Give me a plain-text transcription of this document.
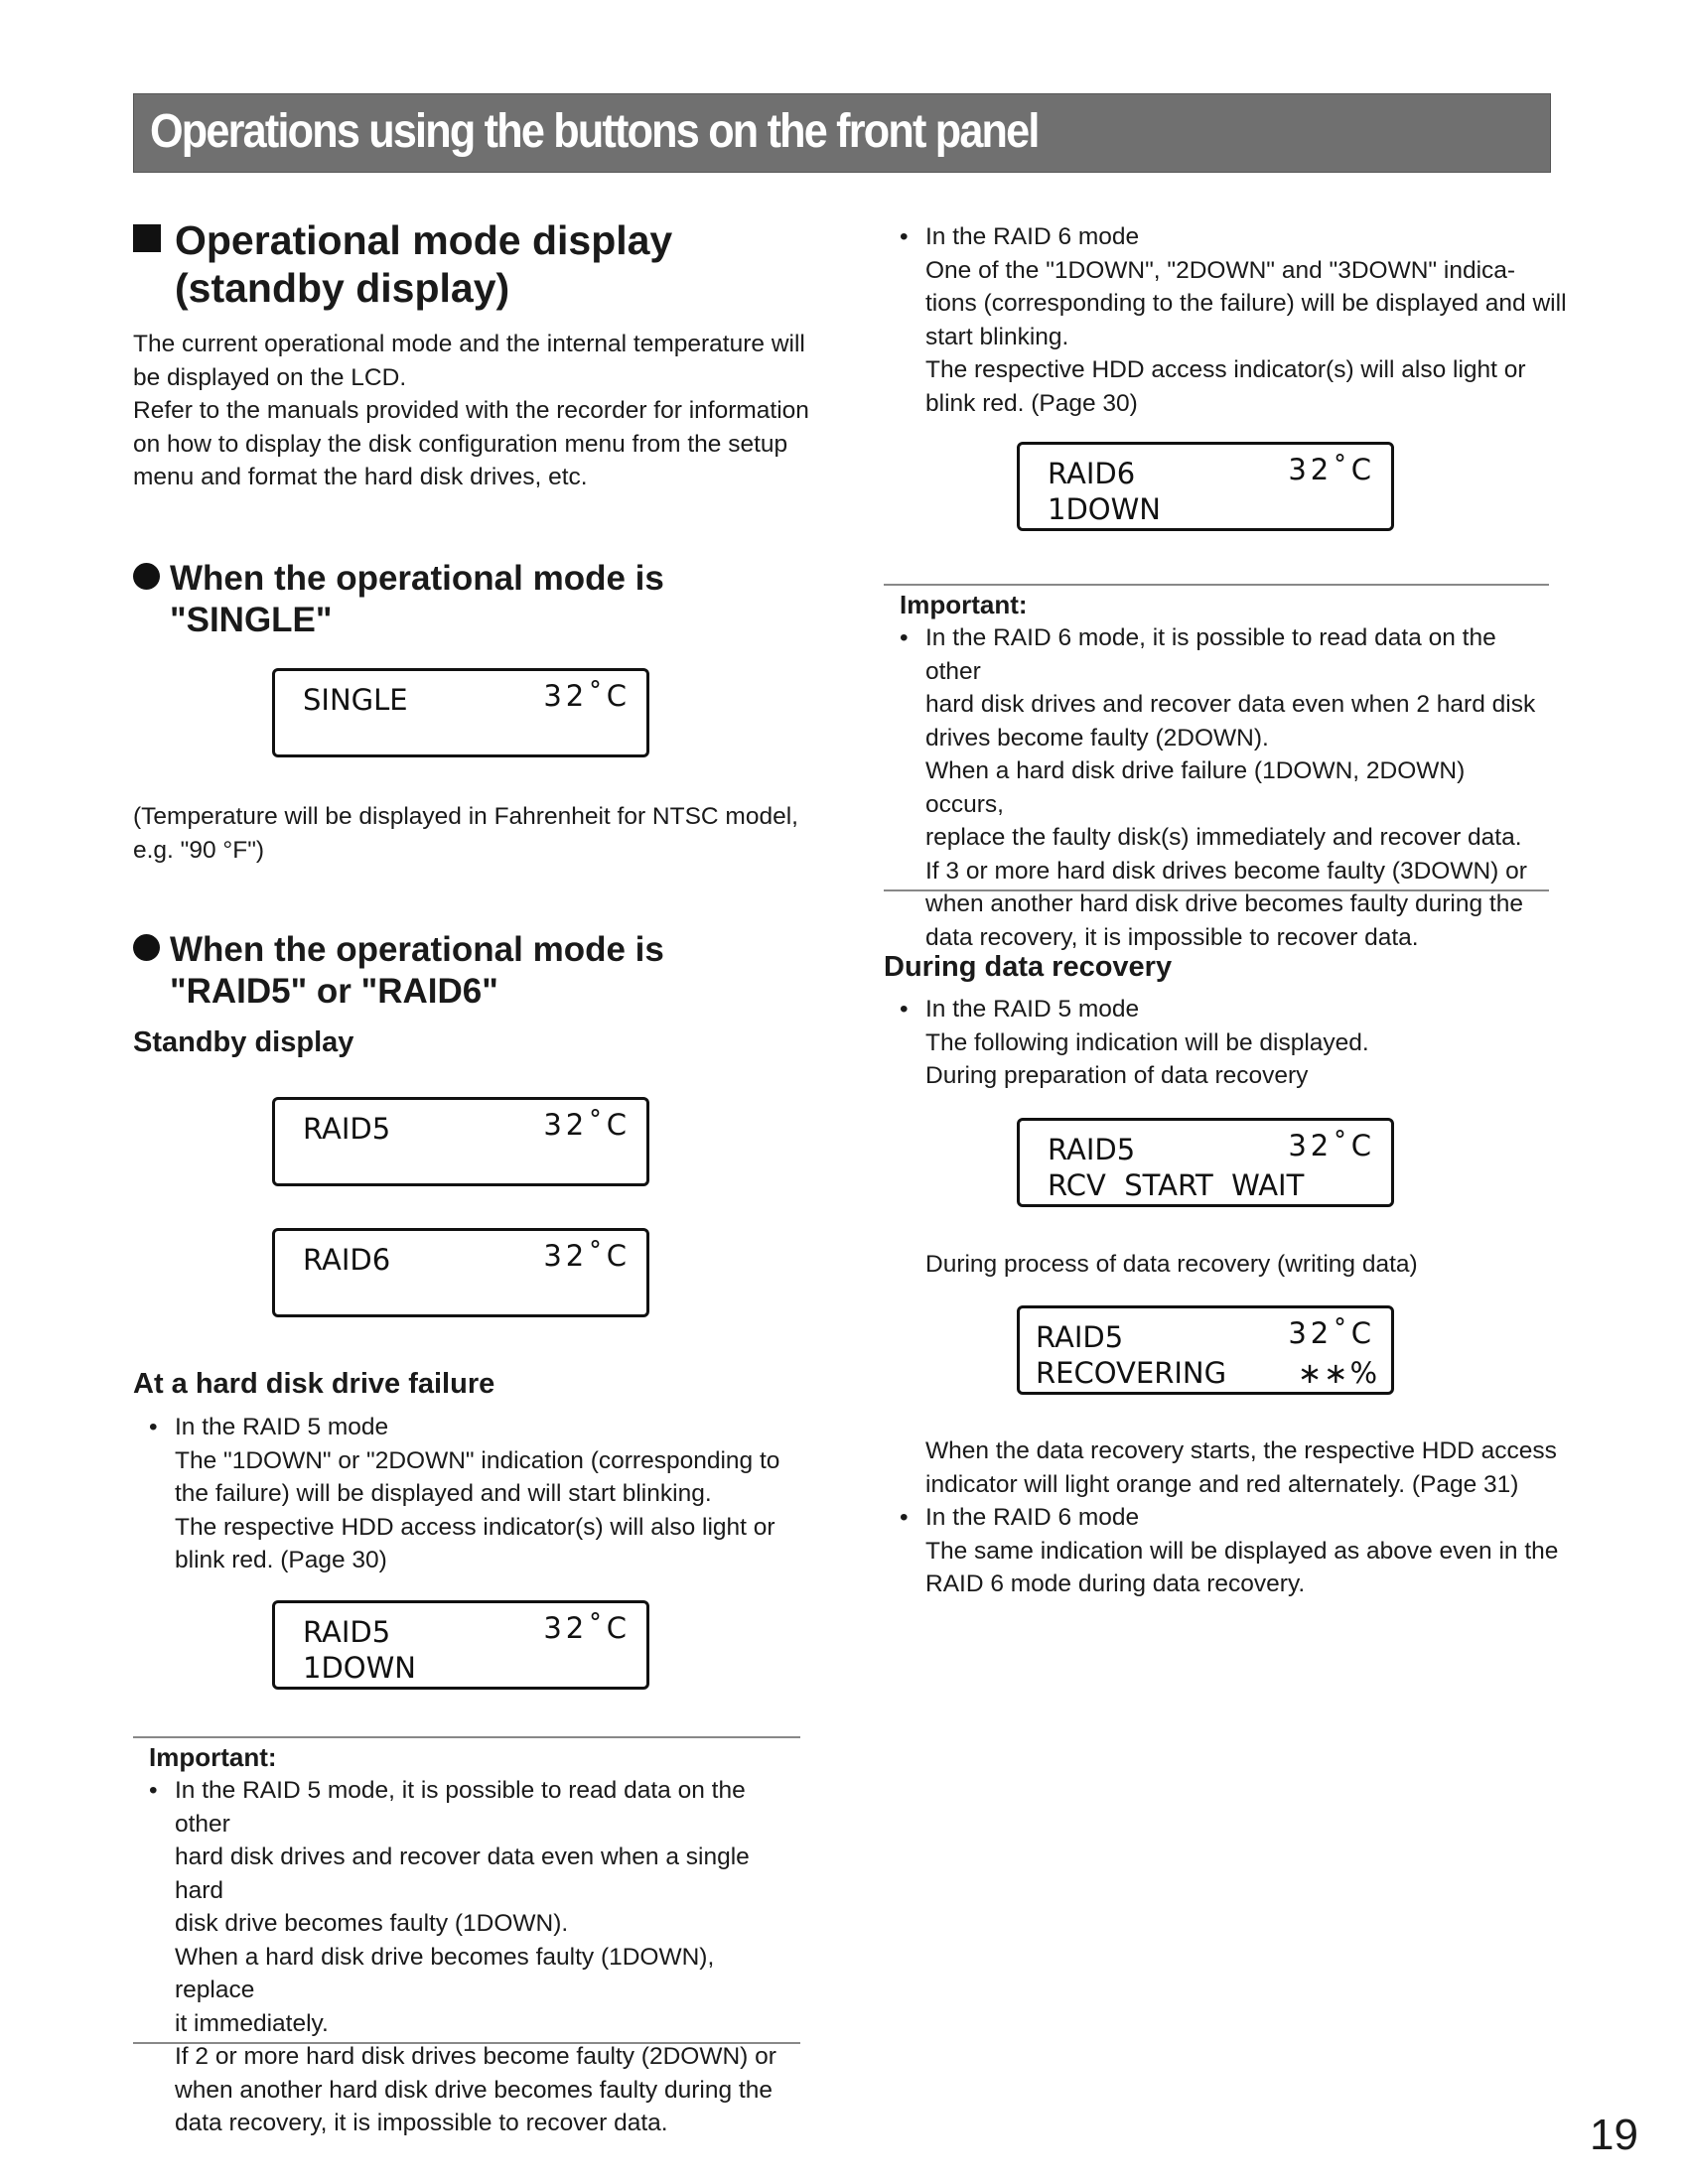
Operations using the buttons on the front panel
Operational mode display
(standby display)
The current operational mode and the internal temperature will
be displayed on the LCD.
Refer to the manuals provided with the recorder for information
on how to display the disk configuration menu from the setup
menu and format the hard disk drives, etc.
When the operational mode is
"SINGLE"
SINGLE	32˚C
(Temperature will be displayed in Fahrenheit for NTSC model,
e.g. "90 °F")
When the operational mode is
"RAID5" or "RAID6"
Standby display
RAID5	32˚C
RAID6	32˚C
At a hard disk drive failure
• In the RAID 5 mode
The "1DOWN" or "2DOWN" indication (corresponding to
the failure) will be displayed and will start blinking.
The respective HDD access indicator(s) will also light or
blink red. (Page 30)
RAID5	32˚C
1DOWN
Important:
• In the RAID 5 mode, it is possible to read data on the other
hard disk drives and recover data even when a single hard
disk drive becomes faulty (1DOWN).
When a hard disk drive becomes faulty (1DOWN), replace
it immediately.
If 2 or more hard disk drives become faulty (2DOWN) or
when another hard disk drive becomes faulty during the
data recovery, it is impossible to recover data.
• In the RAID 6 mode
One of the "1DOWN", "2DOWN" and "3DOWN" indica-
tions (corresponding to the failure) will be displayed and will
start blinking.
The respective HDD access indicator(s) will also light or
blink red. (Page 30)
RAID6	32˚C
1DOWN
Important:
• In the RAID 6 mode, it is possible to read data on the other
hard disk drives and recover data even when 2 hard disk
drives become faulty (2DOWN).
When a hard disk drive failure (1DOWN, 2DOWN) occurs,
replace the faulty disk(s) immediately and recover data.
If 3 or more hard disk drives become faulty (3DOWN) or
when another hard disk drive becomes faulty during the
data recovery, it is impossible to recover data.
During data recovery
• In the RAID 5 mode
The following indication will be displayed.
During preparation of data recovery
RAID5	32˚C
RCV  START  WAIT
During process of data recovery (writing data)
RAID5	32˚C
RECOVERING ∗∗%
When the data recovery starts, the respective HDD access
indicator will light orange and red alternately. (Page 31)
• In the RAID 6 mode
The same indication will be displayed as above even in the
RAID 6 mode during data recovery.
19
